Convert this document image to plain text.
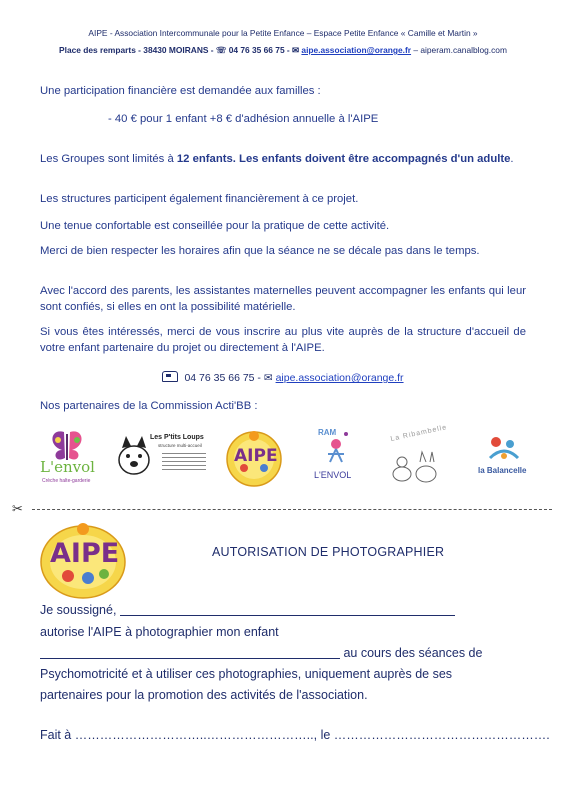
AIPE - Association Intercommunale pour la Petite Enfance – Espace Petite Enfance « Camille et Martin »
Place des remparts - 38430 MOIRANS - ☏ 04 76 35 66 75 - ✉ aipe.association@orange.fr – aiperam.canalblog.com
Une participation financière est demandée aux familles :
- 40 € pour 1 enfant +8 € d'adhésion annuelle à l'AIPE
Les Groupes sont limités à 12 enfants. Les enfants doivent être accompagnés d'un adulte.
Les structures participent également financièrement à ce projet.
Une tenue confortable est conseillée pour la pratique de cette activité.
Merci de bien respecter les horaires afin que la séance ne se décale pas dans le temps.
Avec l'accord des parents, les assistantes maternelles peuvent accompagner les enfants qui leur sont confiés, si elles en ont la possibilité matérielle.
Si vous êtes intéressés, merci de vous inscrire au plus vite auprès de la structure d'accueil de votre enfant partenaire du projet ou directement à l'AIPE.
04 76 35 66 75 - ✉ aipe.association@orange.fr
Nos partenaires de la Commission Acti'BB :
L'envol
Crèche halte-garderie
Les P'tits Loups
structure multi-accueil
AIPE
RAM
L'ENVOL
La Ribambelle
la Balancelle
✂
AIPE	AUTORISATION DE PHOTOGRAPHIER
Je soussigné,
autorise l'AIPE à photographier mon enfant
au cours des séances de
Psychomotricité et à utiliser ces photographies, uniquement auprès de ses
partenaires pour la promotion des activités de l'association.
Fait à …………………………..…………………….., le …………………………………………….
